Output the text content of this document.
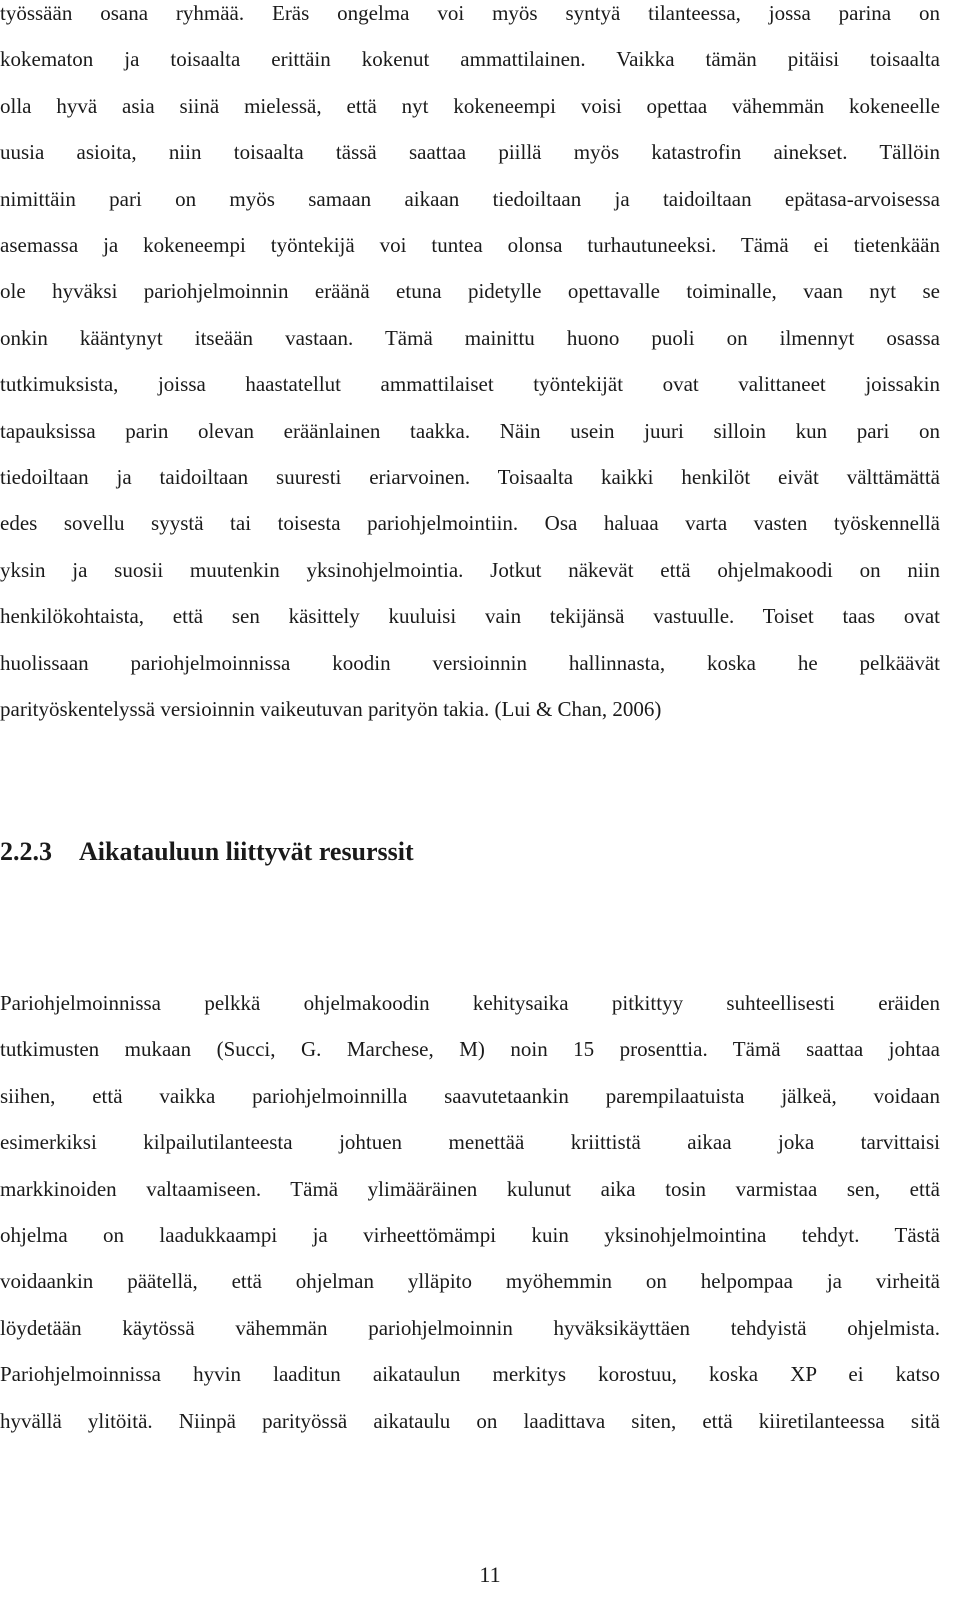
työssään osana ryhmää. Eräs ongelma voi myös syntyä tilanteessa, jossa parina on
kokematon ja toisaalta erittäin kokenut ammattilainen. Vaikka tämän pitäisi toisaalta
olla hyvä asia siinä mielessä, että nyt kokeneempi voisi opettaa vähemmän kokeneelle
uusia asioita, niin toisaalta tässä saattaa piillä myös katastrofin ainekset. Tällöin
nimittäin pari on myös samaan aikaan tiedoiltaan ja taidoiltaan epätasa-arvoisessa
asemassa ja kokeneempi työntekijä voi tuntea olonsa turhautuneeksi. Tämä ei tietenkään
ole hyväksi pariohjelmoinnin eräänä etuna pidetylle opettavalle toiminalle, vaan nyt se
onkin kääntynyt itseään vastaan. Tämä mainittu huono puoli on ilmennyt osassa
tutkimuksista, joissa haastatellut ammattilaiset työntekijät ovat valittaneet joissakin
tapauksissa parin olevan eräänlainen taakka. Näin usein juuri silloin kun pari on
tiedoiltaan ja taidoiltaan suuresti eriarvoinen. Toisaalta kaikki henkilöt eivät välttämättä
edes sovellu syystä tai toisesta pariohjelmointiin. Osa haluaa varta vasten työskennellä
yksin ja suosii muutenkin yksinohjelmointia. Jotkut näkevät että ohjelmakoodi on niin
henkilökohtaista, että sen käsittely kuuluisi vain tekijänsä vastuulle. Toiset taas ovat
huolissaan pariohjelmoinnissa koodin versioinnin hallinnasta, koska he pelkäävät
parityöskentelyssä versioinnin vaikeutuvan parityön takia. (Lui & Chan, 2006)
2.2.3 Aikatauluun liittyvät resurssit
Pariohjelmoinnissa pelkkä ohjelmakoodin kehitysaika pitkittyy suhteellisesti eräiden
tutkimusten mukaan (Succi, G. Marchese, M) noin 15 prosenttia. Tämä saattaa johtaa
siihen, että vaikka pariohjelmoinnilla saavutetaankin parempilaatuista jälkeä, voidaan
esimerkiksi kilpailutilanteesta johtuen menettää kriittistä aikaa joka tarvittaisi
markkinoiden valtaamiseen. Tämä ylimääräinen kulunut aika tosin varmistaa sen, että
ohjelma on laadukkaampi ja virheettömämpi kuin yksinohjelmointina tehdyt. Tästä
voidaankin päätellä, että ohjelman ylläpito myöhemmin on helpompaa ja virheitä
löydetään käytössä vähemmän pariohjelmoinnin hyväksikäyttäen tehdyistä ohjelmista.
Pariohjelmoinnissa hyvin laaditun aikataulun merkitys korostuu, koska XP ei katso
hyvällä ylitöitä. Niinpä parityössä aikataulu on laadittava siten, että kiiretilanteessa sitä
11
